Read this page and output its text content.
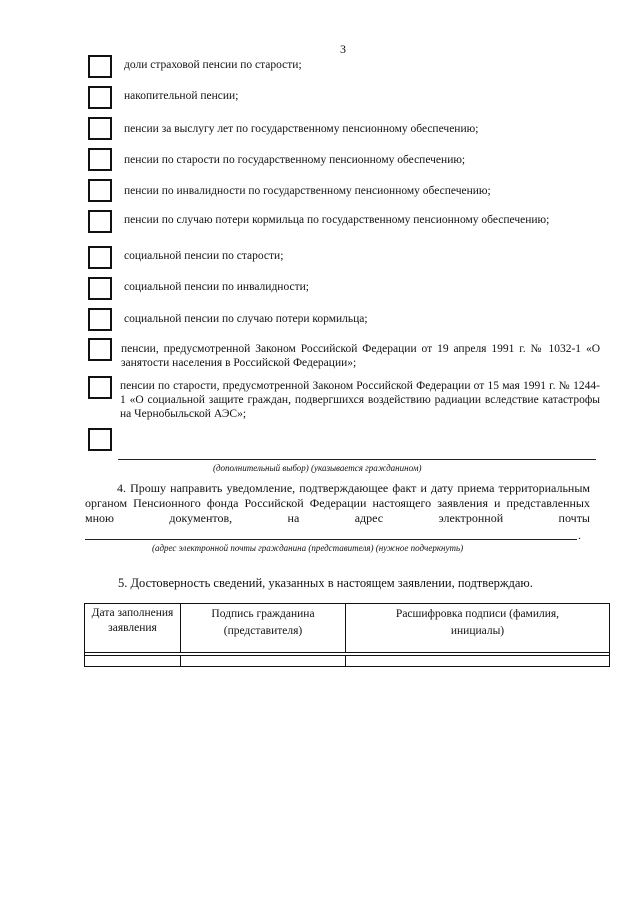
3
доли страховой пенсии по старости;
накопительной пенсии;
пенсии за выслугу лет по государственному пенсионному обеспечению;
пенсии по старости по государственному пенсионному обеспечению;
пенсии по инвалидности по государственному пенсионному обеспечению;
пенсии по случаю потери кормильца по государственному пенсионному обеспечению;
социальной пенсии по старости;
социальной пенсии по инвалидности;
социальной пенсии по случаю потери кормильца;
пенсии, предусмотренной Законом Российской Федерации от 19 апреля 1991 г. № 1032-1 «О занятости населения в Российской Федерации»;
пенсии по старости, предусмотренной Законом Российской Федерации от 15 мая 1991 г. № 1244-1 «О социальной защите граждан, подвергшихся воздействию радиации вследствие катастрофы на Чернобыльской АЭС»;
(дополнительный выбор) (указывается гражданином)
4. Прошу направить уведомление, подтверждающее факт и дату приема территориальным органом Пенсионного фонда Российской Федерации настоящего заявления и представленных мною документов, на адрес электронной почты
.
(адрес электронной почты гражданина (представителя) (нужное подчеркнуть)
5. Достоверность сведений, указанных в настоящем заявлении, подтверждаю.
Дата заполнения заявления
Подпись гражданина (представителя)
Расшифровка подписи (фамилия, инициалы)
